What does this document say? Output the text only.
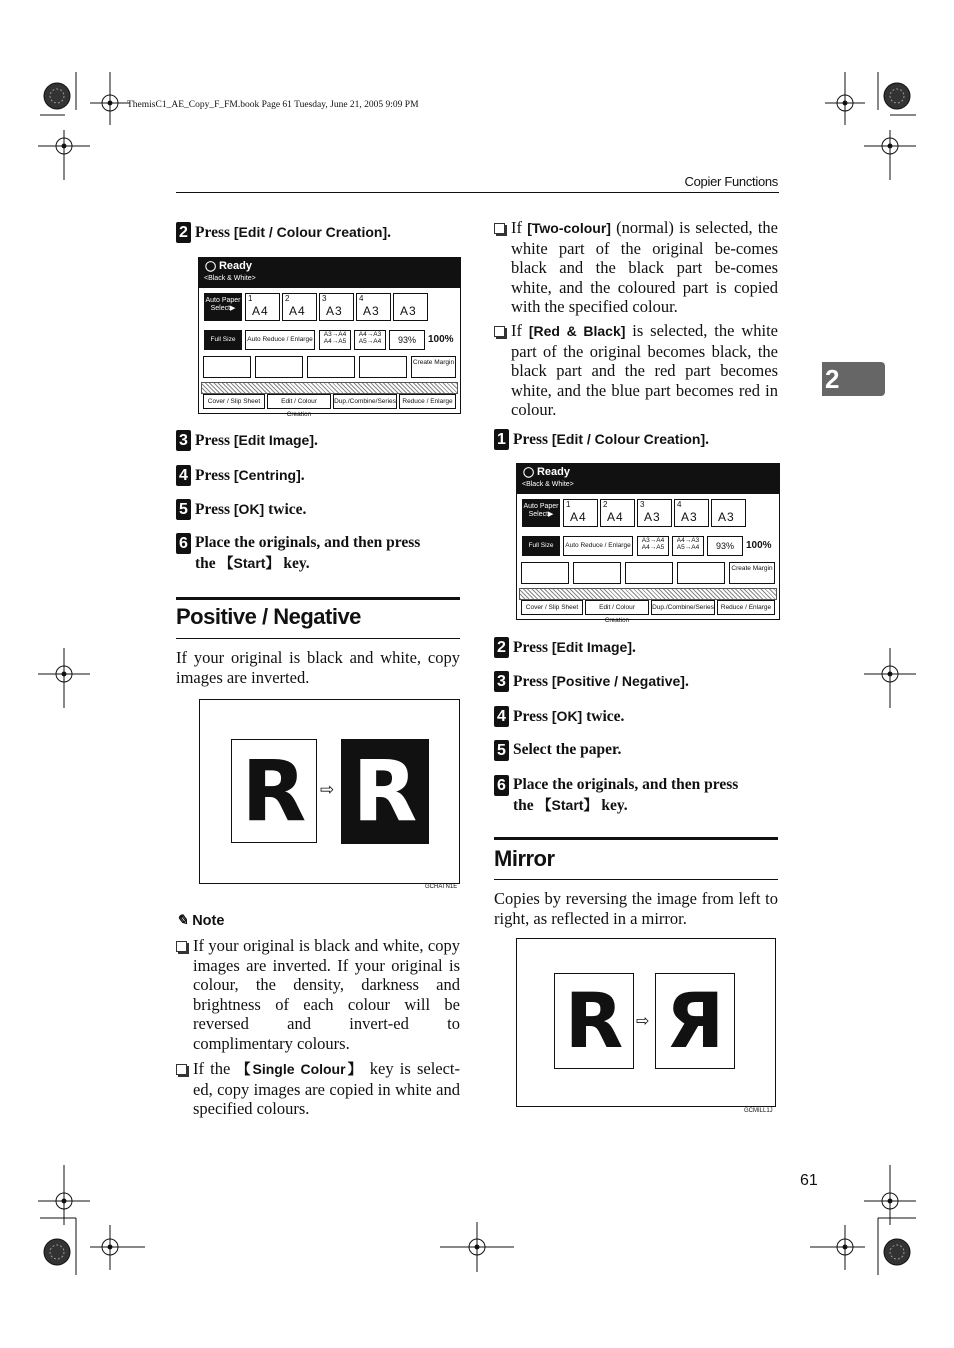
ThemisC1_AE_Copy_F_FM.book Page 61 Tuesday, June 21, 2005 9:09 PM
Copier Functions
2
2 Press [Edit / Colour Creation].
◯ Ready
<Black & White>
Auto Paper Select▶
1
A4
2
A4
3
A3
4
A3 A3
Full Size	Auto Reduce / Enlarge
A3→A4 A4→A5
A4→A3 A5→A4	93%	100%
Create Margin
Cover / Slip Sheet	Edit / Colour Creation
Dup./Combine/Series Reduce / Enlarge
3 Press [Edit Image].
4 Press [Centring].
5 Press [OK] twice.
6 Place the originals, and then press
the 【Start】 key.
Positive / Negative
If your original is black and white, copy images are inverted.
R ⇨ R
GCHATN1E
✎ Note
If your original is black and white, copy images are inverted. If your original is colour, the density, darkness and brightness of each colour will be reversed and invert-ed to complimentary colours.
If the 【Single Colour】 key is select-ed, copy images are copied in white and specified colours.
If [Two-colour] (normal) is selected, the white part of the original be-comes black and the black part be-comes white, and the coloured part is copied with the specified colour.
If [Red & Black] is selected, the white part of the original becomes black, the black part and the red part becomes white, and the blue part becomes red in colour.
1 Press [Edit / Colour Creation].
◯ Ready
<Black & White>
Auto Paper Select▶
1
A4
2
A4
3
A3
4
A3 A3
Full Size	Auto Reduce / Enlarge
A3→A4 A4→A5
A4→A3 A5→A4	93%	100%
Create Margin
Cover / Slip Sheet	Edit / Colour Creation
Dup./Combine/Series	Reduce / Enlarge
2 Press [Edit Image].
3 Press [Positive / Negative].
4 Press [OK] twice.
5 Select the paper.
6 Place the originals, and then press
the 【Start】 key.
Mirror
Copies by reversing the image from left to right, as reflected in a mirror.
R ⇨ Я
GCMILL1J
61
